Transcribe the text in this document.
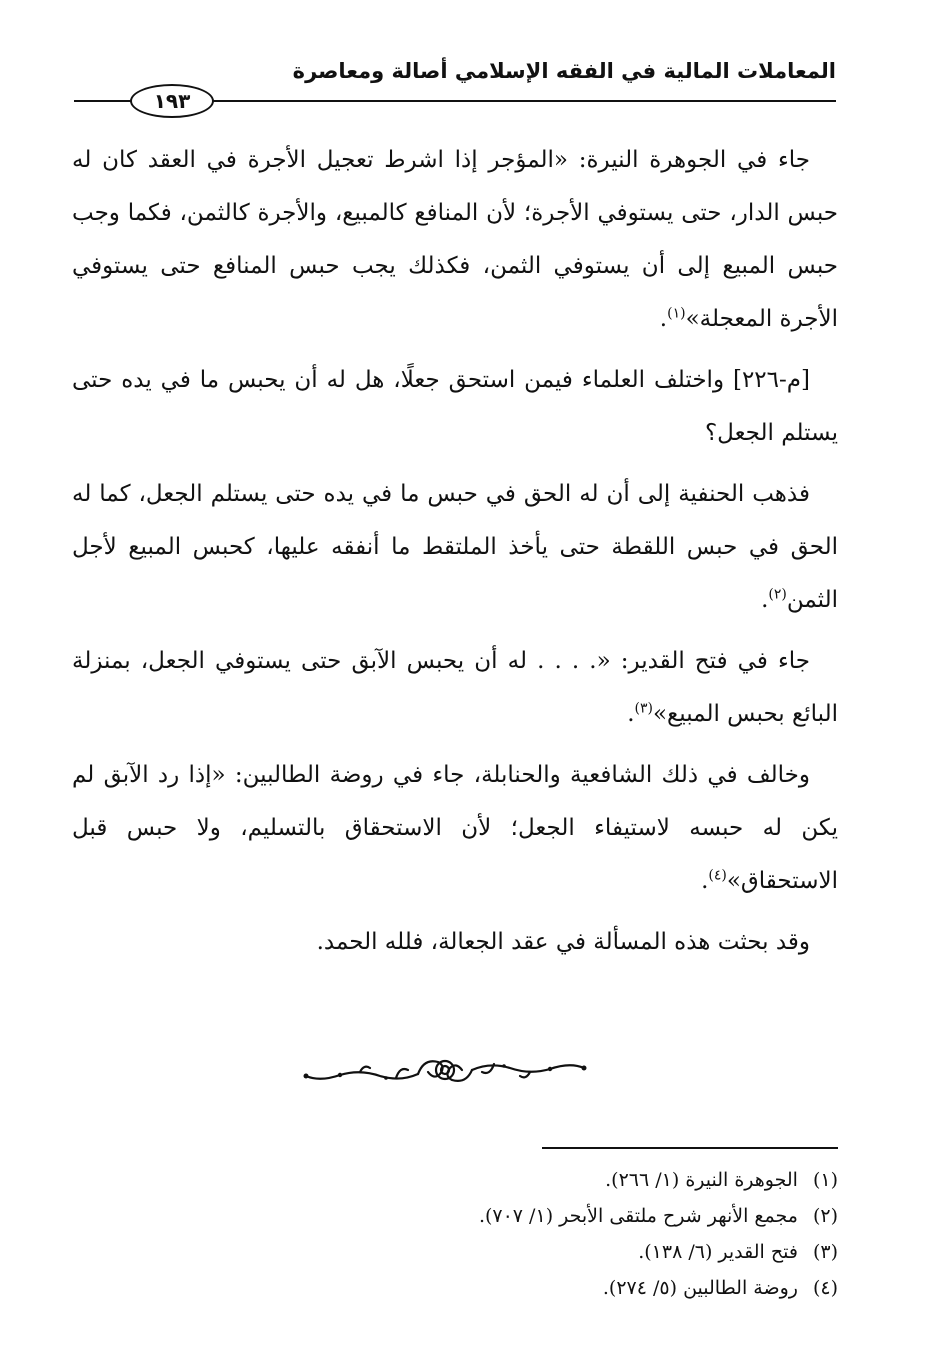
المعاملات المالية في الفقه الإسلامي أصالة ومعاصرة
١٩٣

جاء في الجوهرة النيرة: «المؤجر إذا اشرط تعجيل الأجرة في العقد كان له حبس الدار، حتى يستوفي الأجرة؛ لأن المنافع كالمبيع، والأجرة كالثمن، فكما وجب حبس المبيع إلى أن يستوفي الثمن، فكذلك يجب حبس المنافع حتى يستوفي الأجرة المعجلة»$^{(١)}$.

[م-٢٢٦] واختلف العلماء فيمن استحق جعلًا، هل له أن يحبس ما في يده حتى يستلم الجعل؟

فذهب الحنفية إلى أن له الحق في حبس ما في يده حتى يستلم الجعل، كما له الحق في حبس اللقطة حتى يأخذ الملتقط ما أنفقه عليها، كحبس المبيع لأجل الثمن$^{(٢)}$.

جاء في فتح القدير: «. . . . له أن يحبس الآبق حتى يستوفي الجعل، بمنزلة البائع بحبس المبيع»$^{(٣)}$.

وخالف في ذلك الشافعية والحنابلة، جاء في روضة الطالبين: «إذا رد الآبق لم يكن له حبسه لاستيفاء الجعل؛ لأن الاستحقاق بالتسليم، ولا حبس قبل الاستحقاق»$^{(٤)}$.

وقد بحثت هذه المسألة في عقد الجعالة، فلله الحمد.

(١) الجوهرة النيرة (١/ ٢٦٦).
(٢) مجمع الأنهر شرح ملتقى الأبحر (١/ ٧٠٧).
(٣) فتح القدير (٦/ ١٣٨).
(٤) روضة الطالبين (٥/ ٢٧٤).
